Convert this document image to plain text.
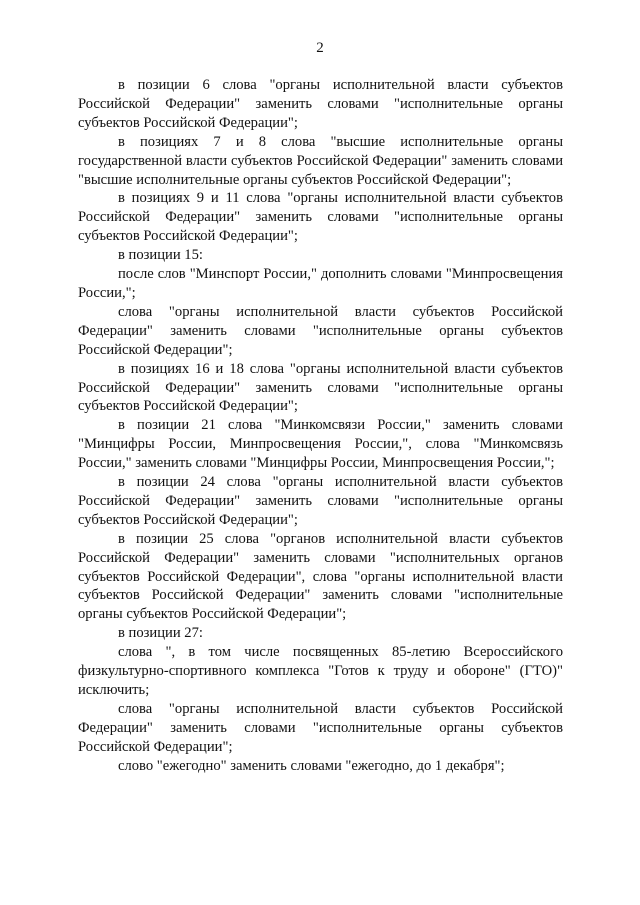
2

в позиции 6 слова "органы исполнительной власти субъектов Российской Федерации" заменить словами "исполнительные органы субъектов Российской Федерации";

в позициях 7 и 8 слова "высшие исполнительные органы государственной власти субъектов Российской Федерации" заменить словами "высшие исполнительные органы субъектов Российской Федерации";

в позициях 9 и 11 слова "органы исполнительной власти субъектов Российской Федерации" заменить словами "исполнительные органы субъектов Российской Федерации";

в позиции 15:

после слов "Минспорт России," дополнить словами "Минпросвещения России,";

слова "органы исполнительной власти субъектов Российской Федерации" заменить словами "исполнительные органы субъектов Российской Федерации";

в позициях 16 и 18 слова "органы исполнительной власти субъектов Российской Федерации" заменить словами "исполнительные органы субъектов Российской Федерации";

в позиции 21 слова "Минкомсвязи России," заменить словами "Минцифры России, Минпросвещения России,", слова "Минкомсвязь России," заменить словами "Минцифры России, Минпросвещения России,";

в позиции 24 слова "органы исполнительной власти субъектов Российской Федерации" заменить словами "исполнительные органы субъектов Российской Федерации";

в позиции 25 слова "органов исполнительной власти субъектов Российской Федерации" заменить словами "исполнительных органов субъектов Российской Федерации", слова "органы исполнительной власти субъектов Российской Федерации" заменить словами "исполнительные органы субъектов Российской Федерации";

в позиции 27:

слова ", в том числе посвященных 85-летию Всероссийского физкультурно-спортивного комплекса "Готов к труду и обороне" (ГТО)" исключить;

слова "органы исполнительной власти субъектов Российской Федерации" заменить словами "исполнительные органы субъектов Российской Федерации";

слово "ежегодно" заменить словами "ежегодно, до 1 декабря";
